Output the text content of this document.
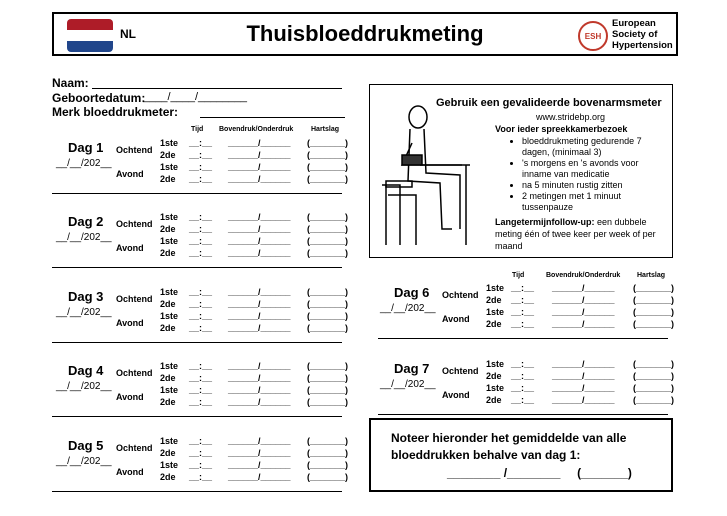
NL	Thuisbloeddrukmeting	ESH
European
Society of
Hypertension
Naam:
Geboortedatum:
____/____/________
Merk bloeddrukmeter:
Tijd Bovendruk/Onderdruk	Hartslag
Dag 1
__/__/202__
Ochtend
Avond
1ste __:__ ______/______ (_______)
2de __:__ ______/______ (_______)
1ste __:__ ______/______ (_______)
2de __:__ ______/______ (_______)
Dag 2
__/__/202__
Ochtend
Avond
1ste __:__ ______/______ (_______)
2de __:__ ______/______ (_______)
1ste __:__ ______/______ (_______)
2de __:__ ______/______ (_______)
Dag 3
__/__/202__
Ochtend
Avond
1ste __:__ ______/______ (_______)
2de __:__ ______/______ (_______)
1ste __:__ ______/______ (_______)
2de __:__ ______/______ (_______)
Dag 4
__/__/202__
Ochtend
Avond
1ste __:__ ______/______ (_______)
2de __:__ ______/______ (_______)
1ste __:__ ______/______ (_______)
2de __:__ ______/______ (_______)
Dag 5
__/__/202__
Ochtend
Avond
1ste __:__ ______/______ (_______)
2de __:__ ______/______ (_______)
1ste __:__ ______/______ (_______)
2de __:__ ______/______ (_______)
Dag 6
__/__/202__
Ochtend
Avond
1ste __:__ ______/______ (_______)
2de __:__ ______/______ (_______)
1ste __:__ ______/______ (_______)
2de __:__ ______/______ (_______)
Dag 7
__/__/202__
Ochtend
Avond
1ste __:__ ______/______ (_______)
2de __:__ ______/______ (_______)
1ste __:__ ______/______ (_______)
2de __:__ ______/______ (_______)
Gebruik een gevalideerde bovenarmsmeter
www.stridebp.org
Voor ieder spreekkamerbezoek
• bloeddrukmeting gedurende 7 dagen, (minimaal 3)
• 's morgens en 's avonds voor inname van medicatie
• na 5 minuten rustig zitten
• 2 metingen met 1 minuut tussenpauze
Langetermijnfollow-up: een dubbele meting één of twee keer per week of per maand
Tijd	Bovendruk/Onderdruk Hartslag
Noteer hieronder het gemiddelde van alle bloeddrukken behalve van dag 1:
________ /________     (_______)
